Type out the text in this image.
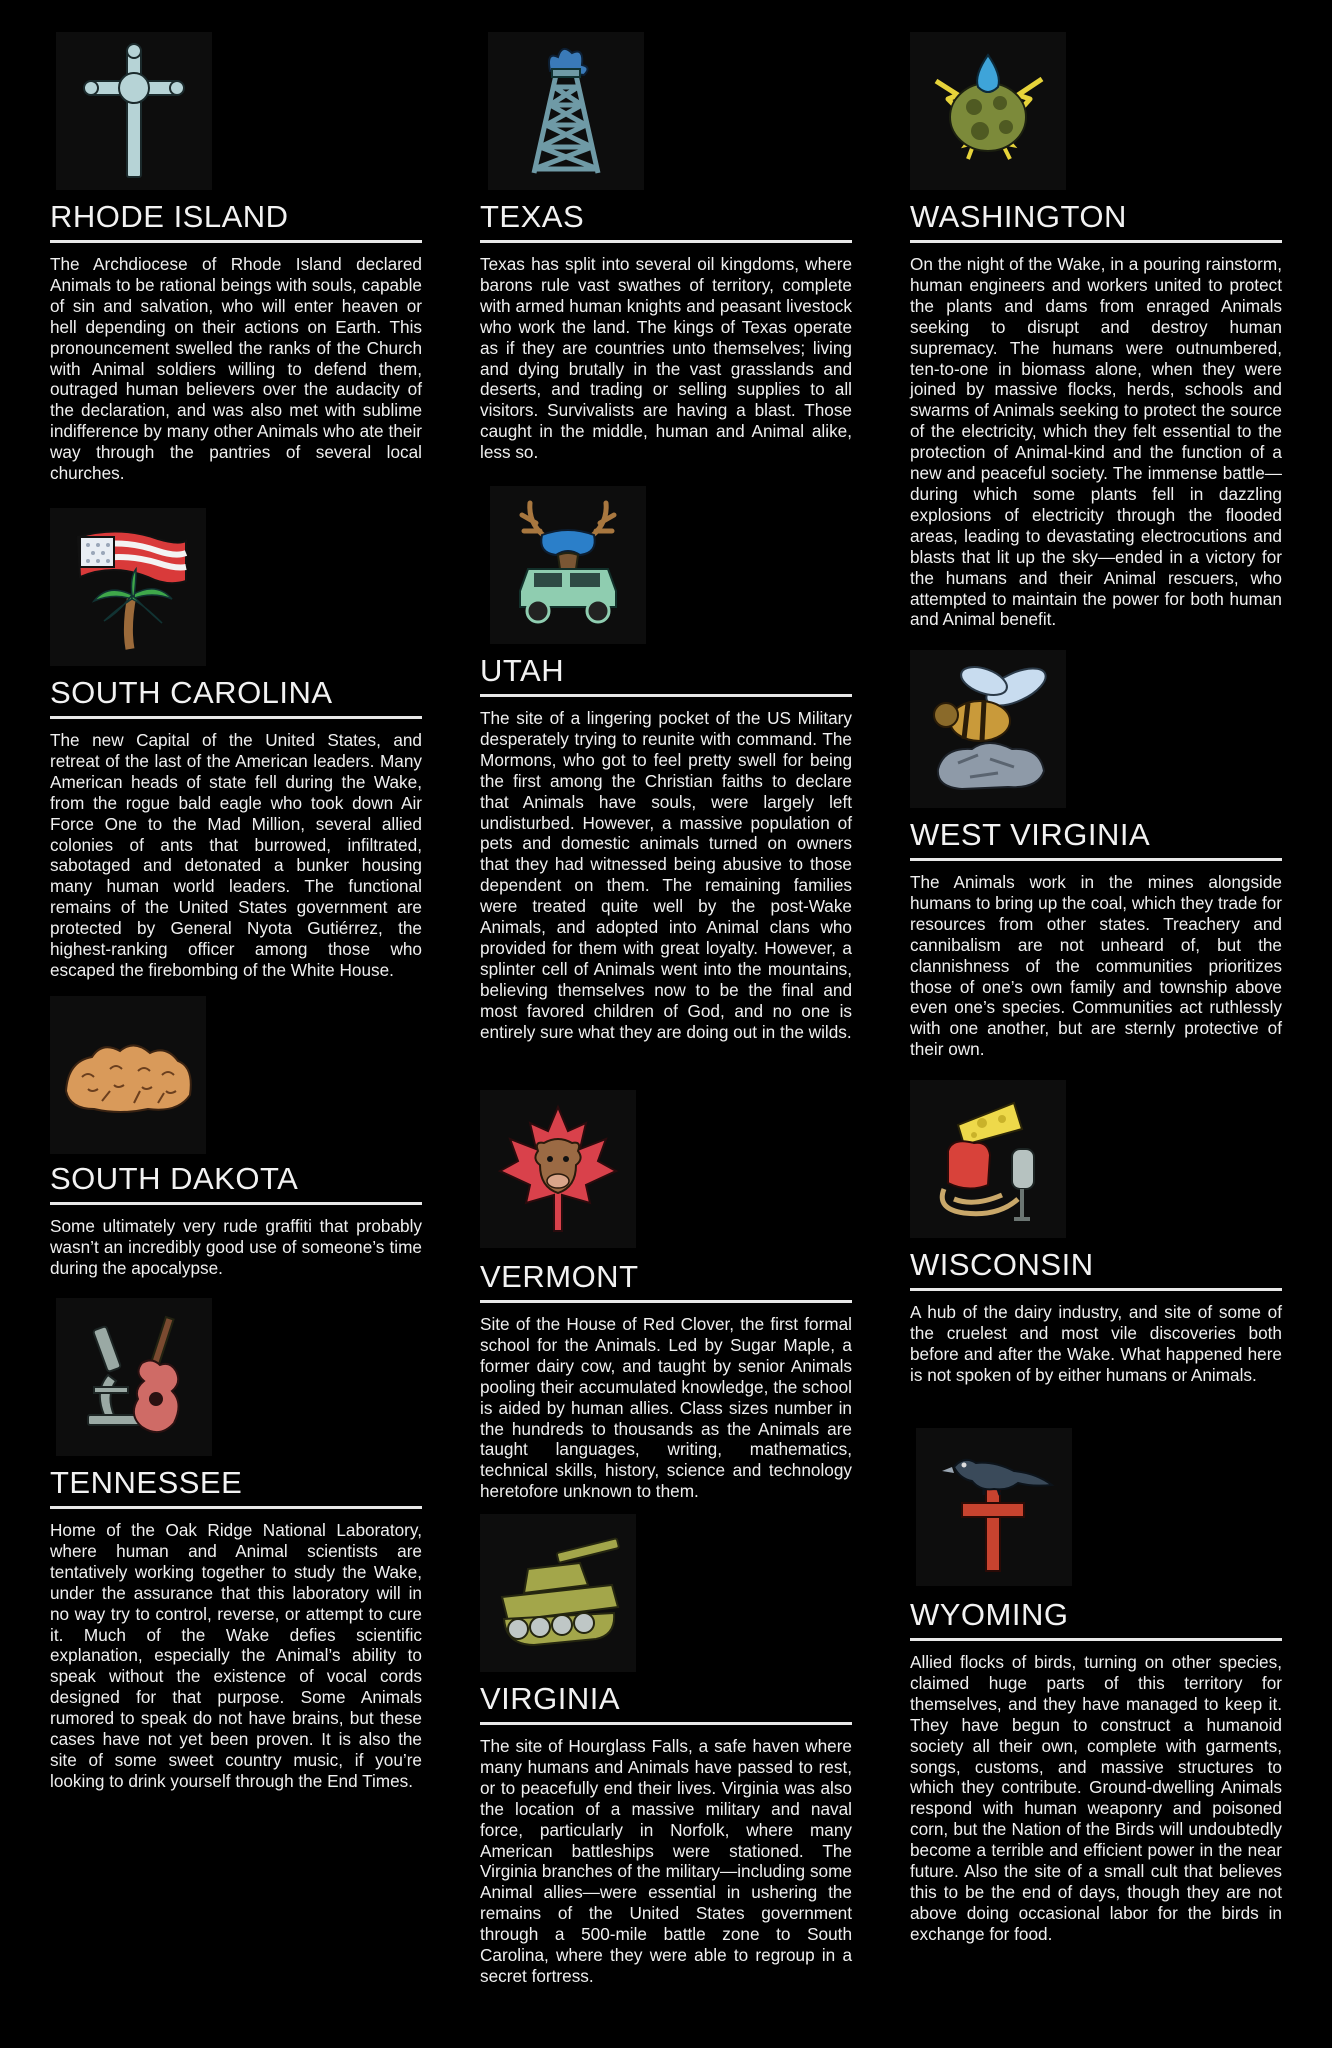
RHODE ISLAND

The Archdiocese of Rhode Island declared Animals to be rational beings with souls, capable of sin and salvation, who will enter heaven or hell depending on their actions on Earth. This pronouncement swelled the ranks of the Church with Animal soldiers willing to defend them, outraged human believers over the audacity of the declaration, and was also met with sublime indifference by many other Animals who ate their way through the pantries of several local churches.

SOUTH CAROLINA

The new Capital of the United States, and retreat of the last of the American leaders. Many American heads of state fell during the Wake, from the rogue bald eagle who took down Air Force One to the Mad Million, several allied colonies of ants that burrowed, infiltrated, sabotaged and detonated a bunker housing many human world leaders. The functional remains of the United States government are protected by General Nyota Gutiérrez, the highest-ranking officer among those who escaped the firebombing of the White House.

SOUTH DAKOTA

Some ultimately very rude graffiti that probably wasn’t an incredibly good use of someone’s time during the apocalypse.

TENNESSEE

Home of the Oak Ridge National Laboratory, where human and Animal scientists are tentatively working together to study the Wake, under the assurance that this laboratory will in no way try to control, reverse, or attempt to cure it. Much of the Wake defies scientific explanation, especially the Animal’s ability to speak without the existence of vocal cords designed for that purpose. Some Animals rumored to speak do not have brains, but these cases have not yet been proven. It is also the site of some sweet country music, if you’re looking to drink yourself through the End Times.

TEXAS

Texas has split into several oil kingdoms, where barons rule vast swathes of territory, complete with armed human knights and peasant livestock who work the land. The kings of Texas operate as if they are countries unto themselves; living and dying brutally in the vast grasslands and deserts, and trading or selling supplies to all visitors. Survivalists are having a blast. Those caught in the middle, human and Animal alike, less so.

UTAH

The site of a lingering pocket of the US Military desperately trying to reunite with command. The Mormons, who got to feel pretty swell for being the first among the Christian faiths to declare that Animals have souls, were largely left undisturbed. However, a massive population of pets and domestic animals turned on owners that they had witnessed being abusive to those dependent on them. The remaining families were treated quite well by the post-Wake Animals, and adopted into Animal clans who provided for them with great loyalty. However, a splinter cell of Animals went into the mountains, believing themselves now to be the final and most favored children of God, and no one is entirely sure what they are doing out in the wilds.

VERMONT

Site of the House of Red Clover, the first formal school for the Animals. Led by Sugar Maple, a former dairy cow, and taught by senior Animals pooling their accumulated knowledge, the school is aided by human allies. Class sizes number in the hundreds to thousands as the Animals are taught languages, writing, mathematics, technical skills, history, science and technology heretofore unknown to them.

VIRGINIA

The site of Hourglass Falls, a safe haven where many humans and Animals have passed to rest, or to peacefully end their lives. Virginia was also the location of a massive military and naval force, particularly in Norfolk, where many American battleships were stationed. The Virginia branches of the military—including some Animal allies—were essential in ushering the remains of the United States government through a 500-mile battle zone to South Carolina, where they were able to regroup in a secret fortress.

WASHINGTON

On the night of the Wake, in a pouring rainstorm, human engineers and workers united to protect the plants and dams from enraged Animals seeking to disrupt and destroy human supremacy. The humans were outnumbered, ten-to-one in biomass alone, when they were joined by massive flocks, herds, schools and swarms of Animals seeking to protect the source of the electricity, which they felt essential to the protection of Animal-kind and the function of a new and peaceful society. The immense battle—during which some plants fell in dazzling explosions of electricity through the flooded areas, leading to devastating electrocutions and blasts that lit up the sky—ended in a victory for the humans and their Animal rescuers, who attempted to maintain the power for both human and Animal benefit.

WEST VIRGINIA

The Animals work in the mines alongside humans to bring up the coal, which they trade for resources from other states. Treachery and cannibalism are not unheard of, but the clannishness of the communities prioritizes those of one’s own family and township above even one’s species. Communities act ruthlessly with one another, but are sternly protective of their own.

WISCONSIN

A hub of the dairy industry, and site of some of the cruelest and most vile discoveries both before and after the Wake. What happened here is not spoken of by either humans or Animals.

WYOMING

Allied flocks of birds, turning on other species, claimed huge parts of this territory for themselves, and they have managed to keep it. They have begun to construct a humanoid society all their own, complete with garments, songs, customs, and massive structures to which they contribute. Ground-dwelling Animals respond with human weaponry and poisoned corn, but the Nation of the Birds will undoubtedly become a terrible and efficient power in the near future. Also the site of a small cult that believes this to be the end of days, though they are not above doing occasional labor for the birds in exchange for food.
